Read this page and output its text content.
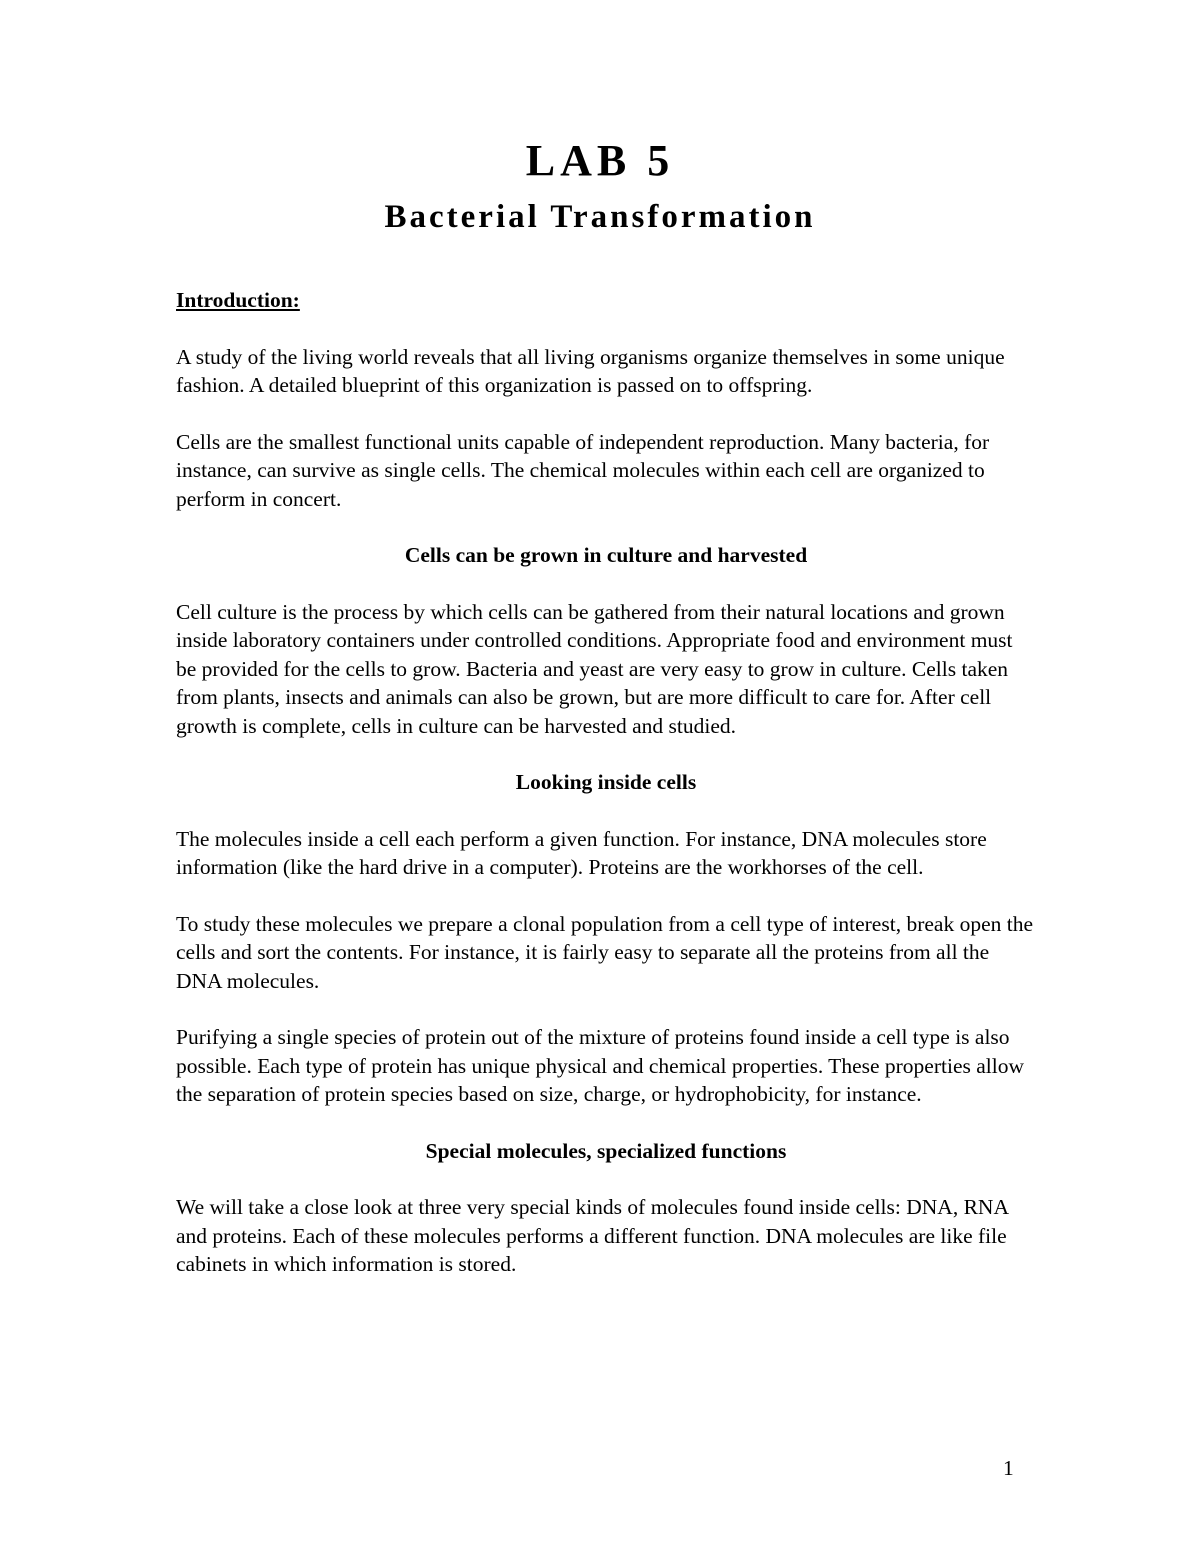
LAB 5
Bacterial Transformation
Introduction:

A study of the living world reveals that all living organisms organize themselves in some unique fashion. A detailed blueprint of this organization is passed on to offspring.

Cells are the smallest functional units capable of independent reproduction. Many bacteria, for instance, can survive as single cells. The chemical molecules within each cell are organized to perform in concert.

Cells can be grown in culture and harvested

Cell culture is the process by which cells can be gathered from their natural locations and grown inside laboratory containers under controlled conditions. Appropriate food and environment must be provided for the cells to grow. Bacteria and yeast are very easy to grow in culture. Cells taken from plants, insects and animals can also be grown, but are more difficult to care for. After cell growth is complete, cells in culture can be harvested and studied.

Looking inside cells

The molecules inside a cell each perform a given function. For instance, DNA molecules store information (like the hard drive in a computer). Proteins are the workhorses of the cell.

To study these molecules we prepare a clonal population from a cell type of interest, break open the cells and sort the contents. For instance, it is fairly easy to separate all the proteins from all the DNA molecules.

Purifying a single species of protein out of the mixture of proteins found inside a cell type is also possible. Each type of protein has unique physical and chemical properties. These properties allow the separation of protein species based on size, charge, or hydrophobicity, for instance.

Special molecules, specialized functions

We will take a close look at three very special kinds of molecules found inside cells: DNA, RNA and proteins. Each of these molecules performs a different function. DNA molecules are like file cabinets in which information is stored.

1
